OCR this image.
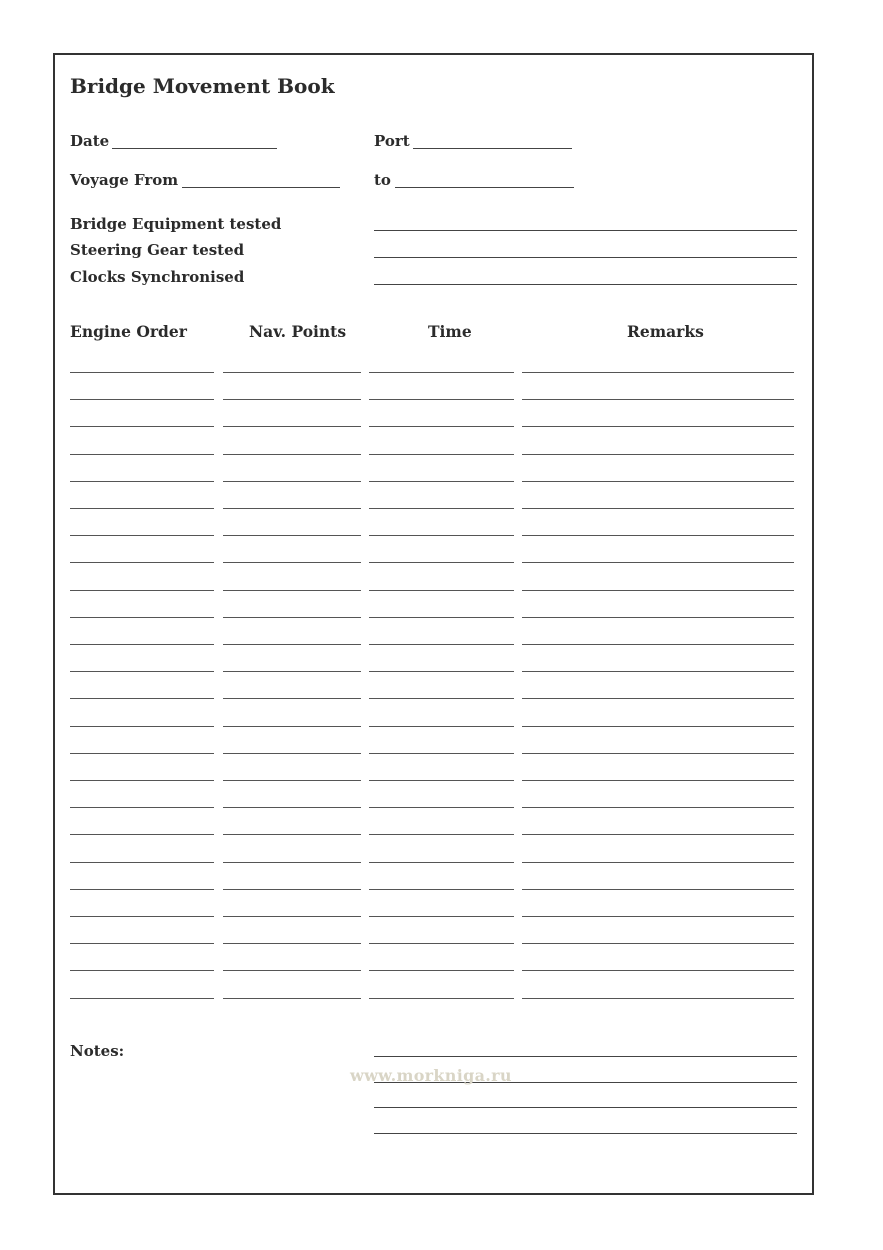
Bridge Movement Book
Date	Port
Voyage From	to
Bridge Equipment tested
Steering Gear tested
Clocks Synchronised
Engine Order	Nav. Points	Time	Remarks
Notes:
www.morkniga.ru
